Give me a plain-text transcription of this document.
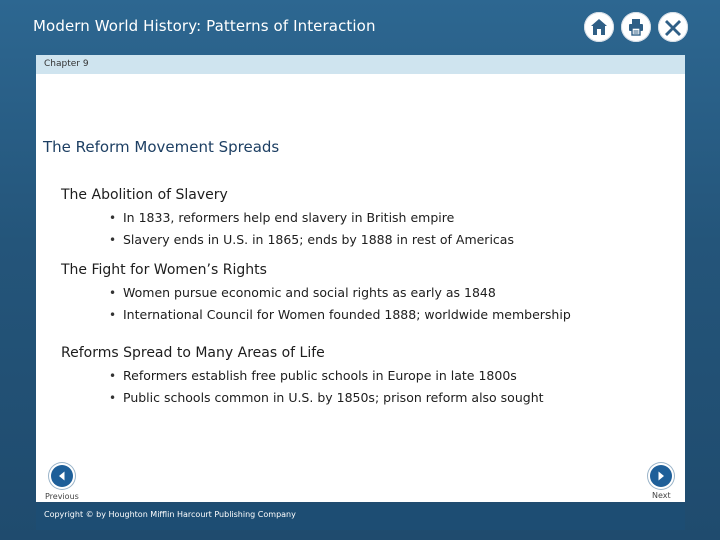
Modern World History: Patterns of Interaction
Chapter 9
The Reform Movement Spreads
The Abolition of Slavery
• In 1833, reformers help end slavery in British empire
• Slavery ends in U.S. in 1865; ends by 1888 in rest of Americas
The Fight for Women’s Rights
• Women pursue economic and social rights as early as 1848
• International Council for Women founded 1888; worldwide membership
Reforms Spread to Many Areas of Life
• Reformers establish free public schools in Europe in late 1800s
• Public schools common in U.S. by 1850s; prison reform also sought
Previous	Next
Copyright © by Houghton Mifflin Harcourt Publishing Company
